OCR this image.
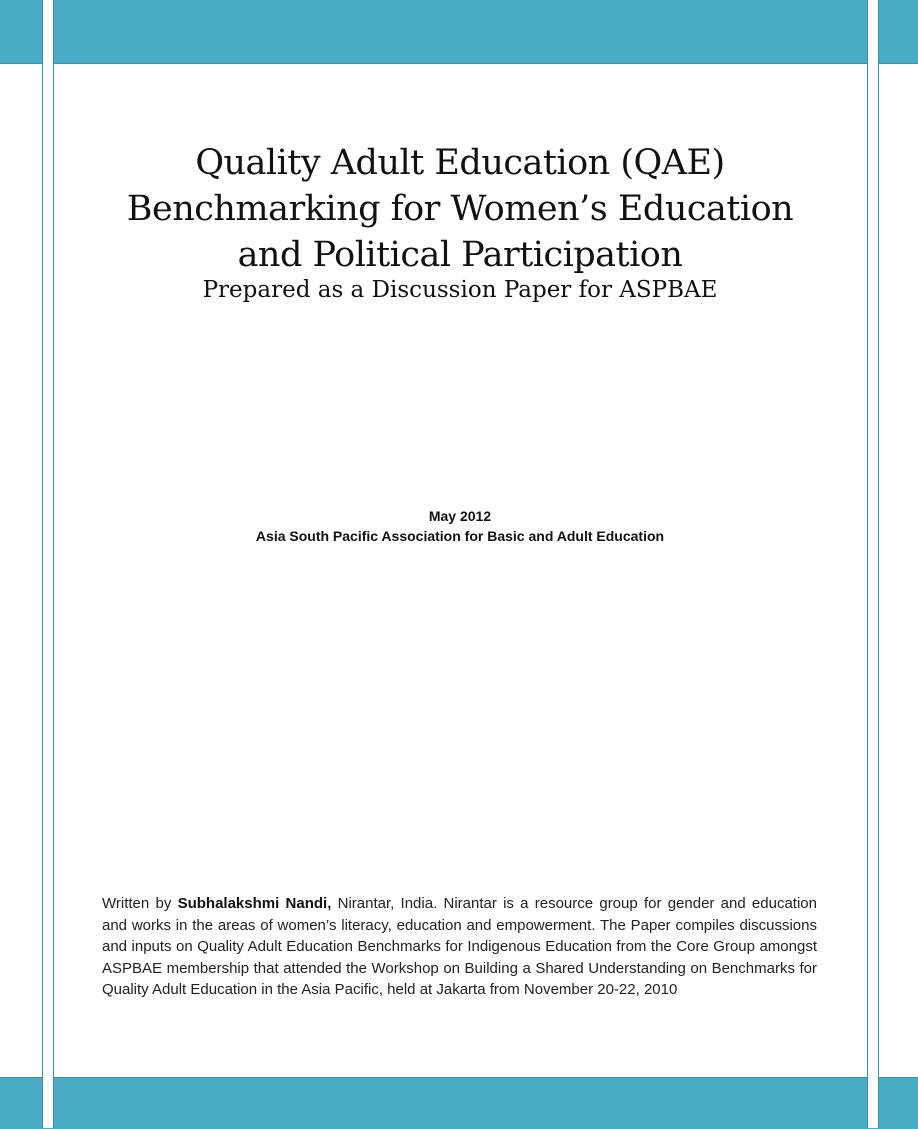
Quality Adult Education (QAE)
Benchmarking for Women’s Education
and Political Participation
Prepared as a Discussion Paper for ASPBAE
May 2012
Asia South Pacific Association for Basic and Adult Education
Written by Subhalakshmi Nandi, Nirantar, India. Nirantar is a resource group for gender and education and works in the areas of women’s literacy, education and empowerment. The Paper compiles discussions and inputs on Quality Adult Education Benchmarks for Indigenous Education from the Core Group amongst ASPBAE membership that attended the Workshop on Building a Shared Understanding on Benchmarks for Quality Adult Education in the Asia Pacific, held at Jakarta from November 20-22, 2010
